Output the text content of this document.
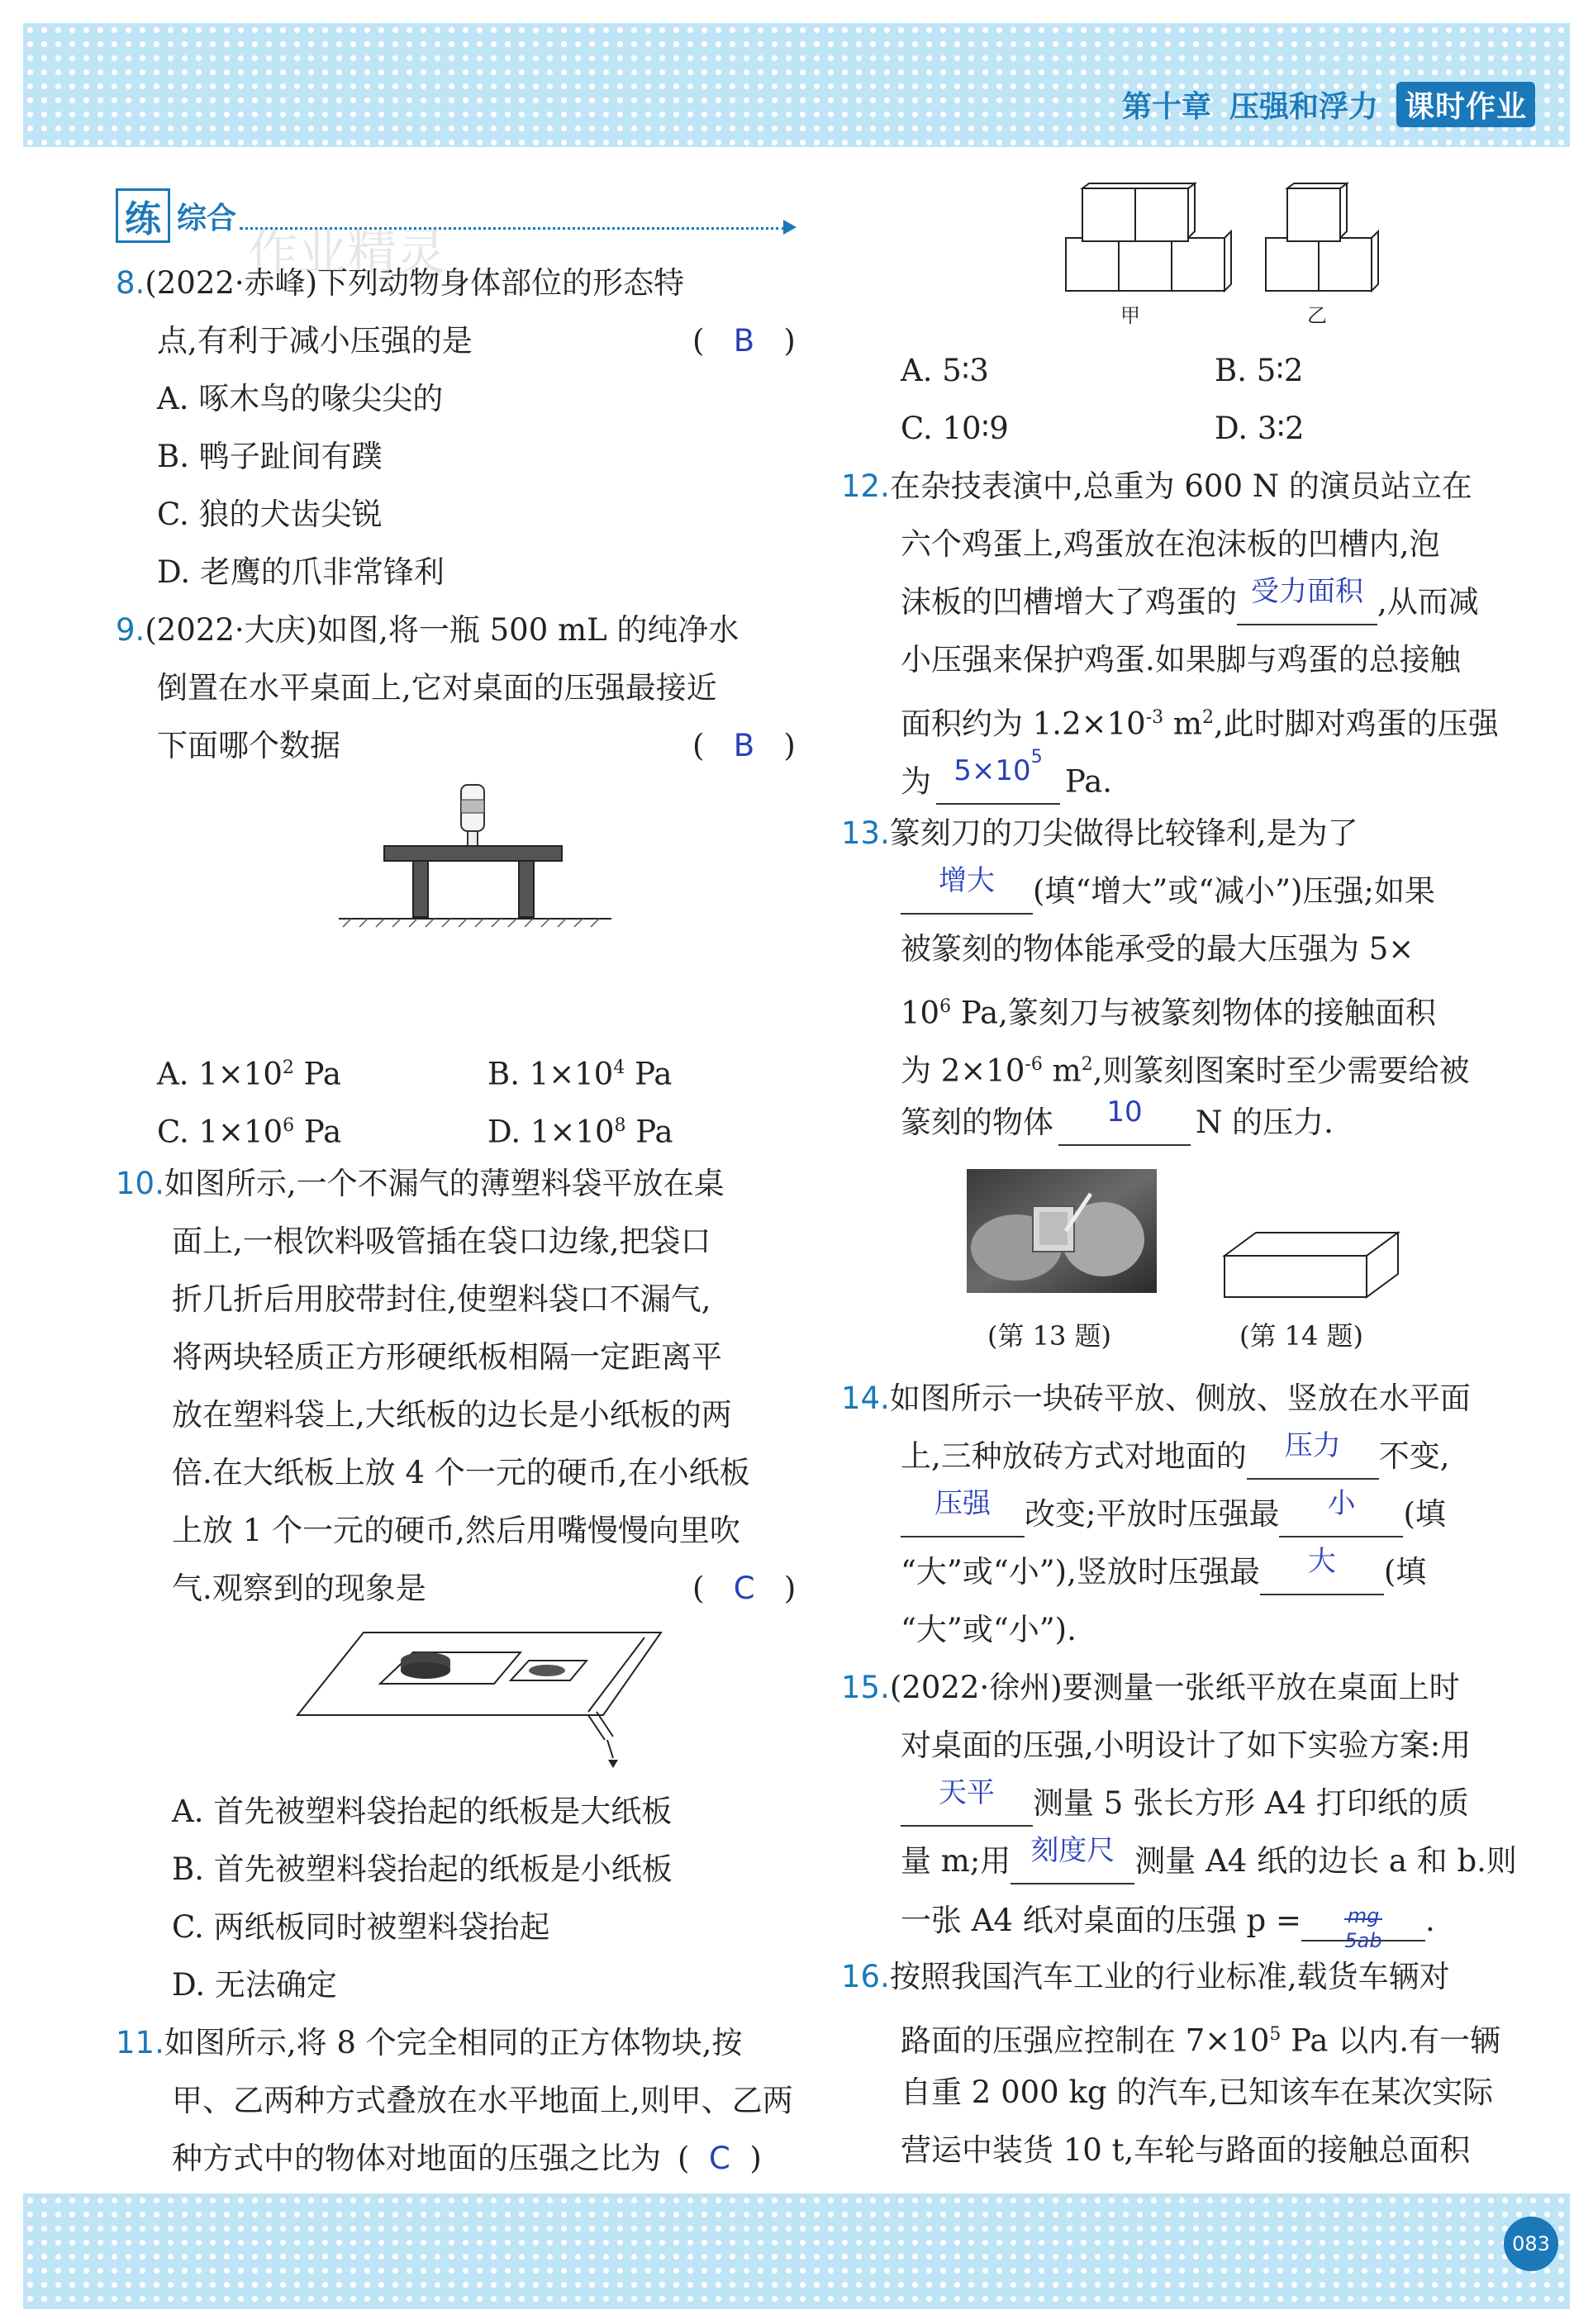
第十章 压强和浮力 课时作业
练 综合
作业精灵
8.(2022·赤峰)下列动物身体部位的形态特
点,有利于减小压强的是	(   B   )
A. 啄木鸟的喙尖尖的
B. 鸭子趾间有蹼
C. 狼的犬齿尖锐
D. 老鹰的爪非常锋利
9.(2022·大庆)如图,将一瓶 500 mL 的纯净水
倒置在水平桌面上,它对桌面的压强最接近
下面哪个数据	(   B   )
A. $1\times 10^2$ Pa	B. $1\times 10^4$ Pa
C. $1\times 10^6$ Pa	D. $1\times 10^8$ Pa
10.如图所示,一个不漏气的薄塑料袋平放在桌
面上,一根饮料吸管插在袋口边缘,把袋口
折几折后用胶带封住,使塑料袋口不漏气,
将两块轻质正方形硬纸板相隔一定距离平
放在塑料袋上,大纸板的边长是小纸板的两
倍.在大纸板上放 4 个一元的硬币,在小纸板
上放 1 个一元的硬币,然后用嘴慢慢向里吹
气.观察到的现象是	(   C   )
A. 首先被塑料袋抬起的纸板是大纸板
B. 首先被塑料袋抬起的纸板是小纸板
C. 两纸板同时被塑料袋抬起
D. 无法确定
11.如图所示,将 8 个完全相同的正方体物块,按
甲、乙两种方式叠放在水平地面上,则甲、乙两
种方式中的物体对地面的压强之比为 (  C  )
甲	乙
A. 5∶3	B. 5∶2
C. 10∶9	D. 3∶2
12.在杂技表演中,总重为 600 N 的演员站立在
六个鸡蛋上,鸡蛋放在泡沫板的凹槽内,泡
沫板的凹槽增大了鸡蛋的 受力面积 ,从而减
小压强来保护鸡蛋.如果脚与鸡蛋的总接触
面积约为 $1.2\times 10^{-3}$ $m^2$,此时脚对鸡蛋的压强
为 $5\times 10^5Pa$.
13.篆刻刀的刀尖做得比较锋利,是为了
增大 (填“增大”或“减小”)压强;如果
被篆刻的物体能承受的最大压强为 5×
$10^6$ Pa,篆刻刀与被篆刻物体的接触面积
为 $2\times 10^{-6}$ $m^2$,则篆刻图案时至少需要给被
篆刻的物体 10 N 的压力.
(第 13 题)	(第 14 题)
14.如图所示一块砖平放、侧放、竖放在水平面
上,三种放砖方式对地面的 压力 不变,
压强 改变;平放时压强最 小 (填
“大”或“小”),竖放时压强最 大 (填
“大”或“小”).
15.(2022·徐州)要测量一张纸平放在桌面上时
对桌面的压强,小明设计了如下实验方案:用
天平 测量 5 张长方形 A4 打印纸的质
量 m;用 刻度尺 测量 A4 纸的边长 a 和 b.则
一张 A4 纸对桌面的压强 p =	mg
5ab
.
16.按照我国汽车工业的行业标准,载货车辆对
路面的压强应控制在 $7\times 10^5$ Pa 以内.有一辆
自重 2 000 kg 的汽车,已知该车在某次实际
营运中装货 10 t,车轮与路面的接触总面积
083
